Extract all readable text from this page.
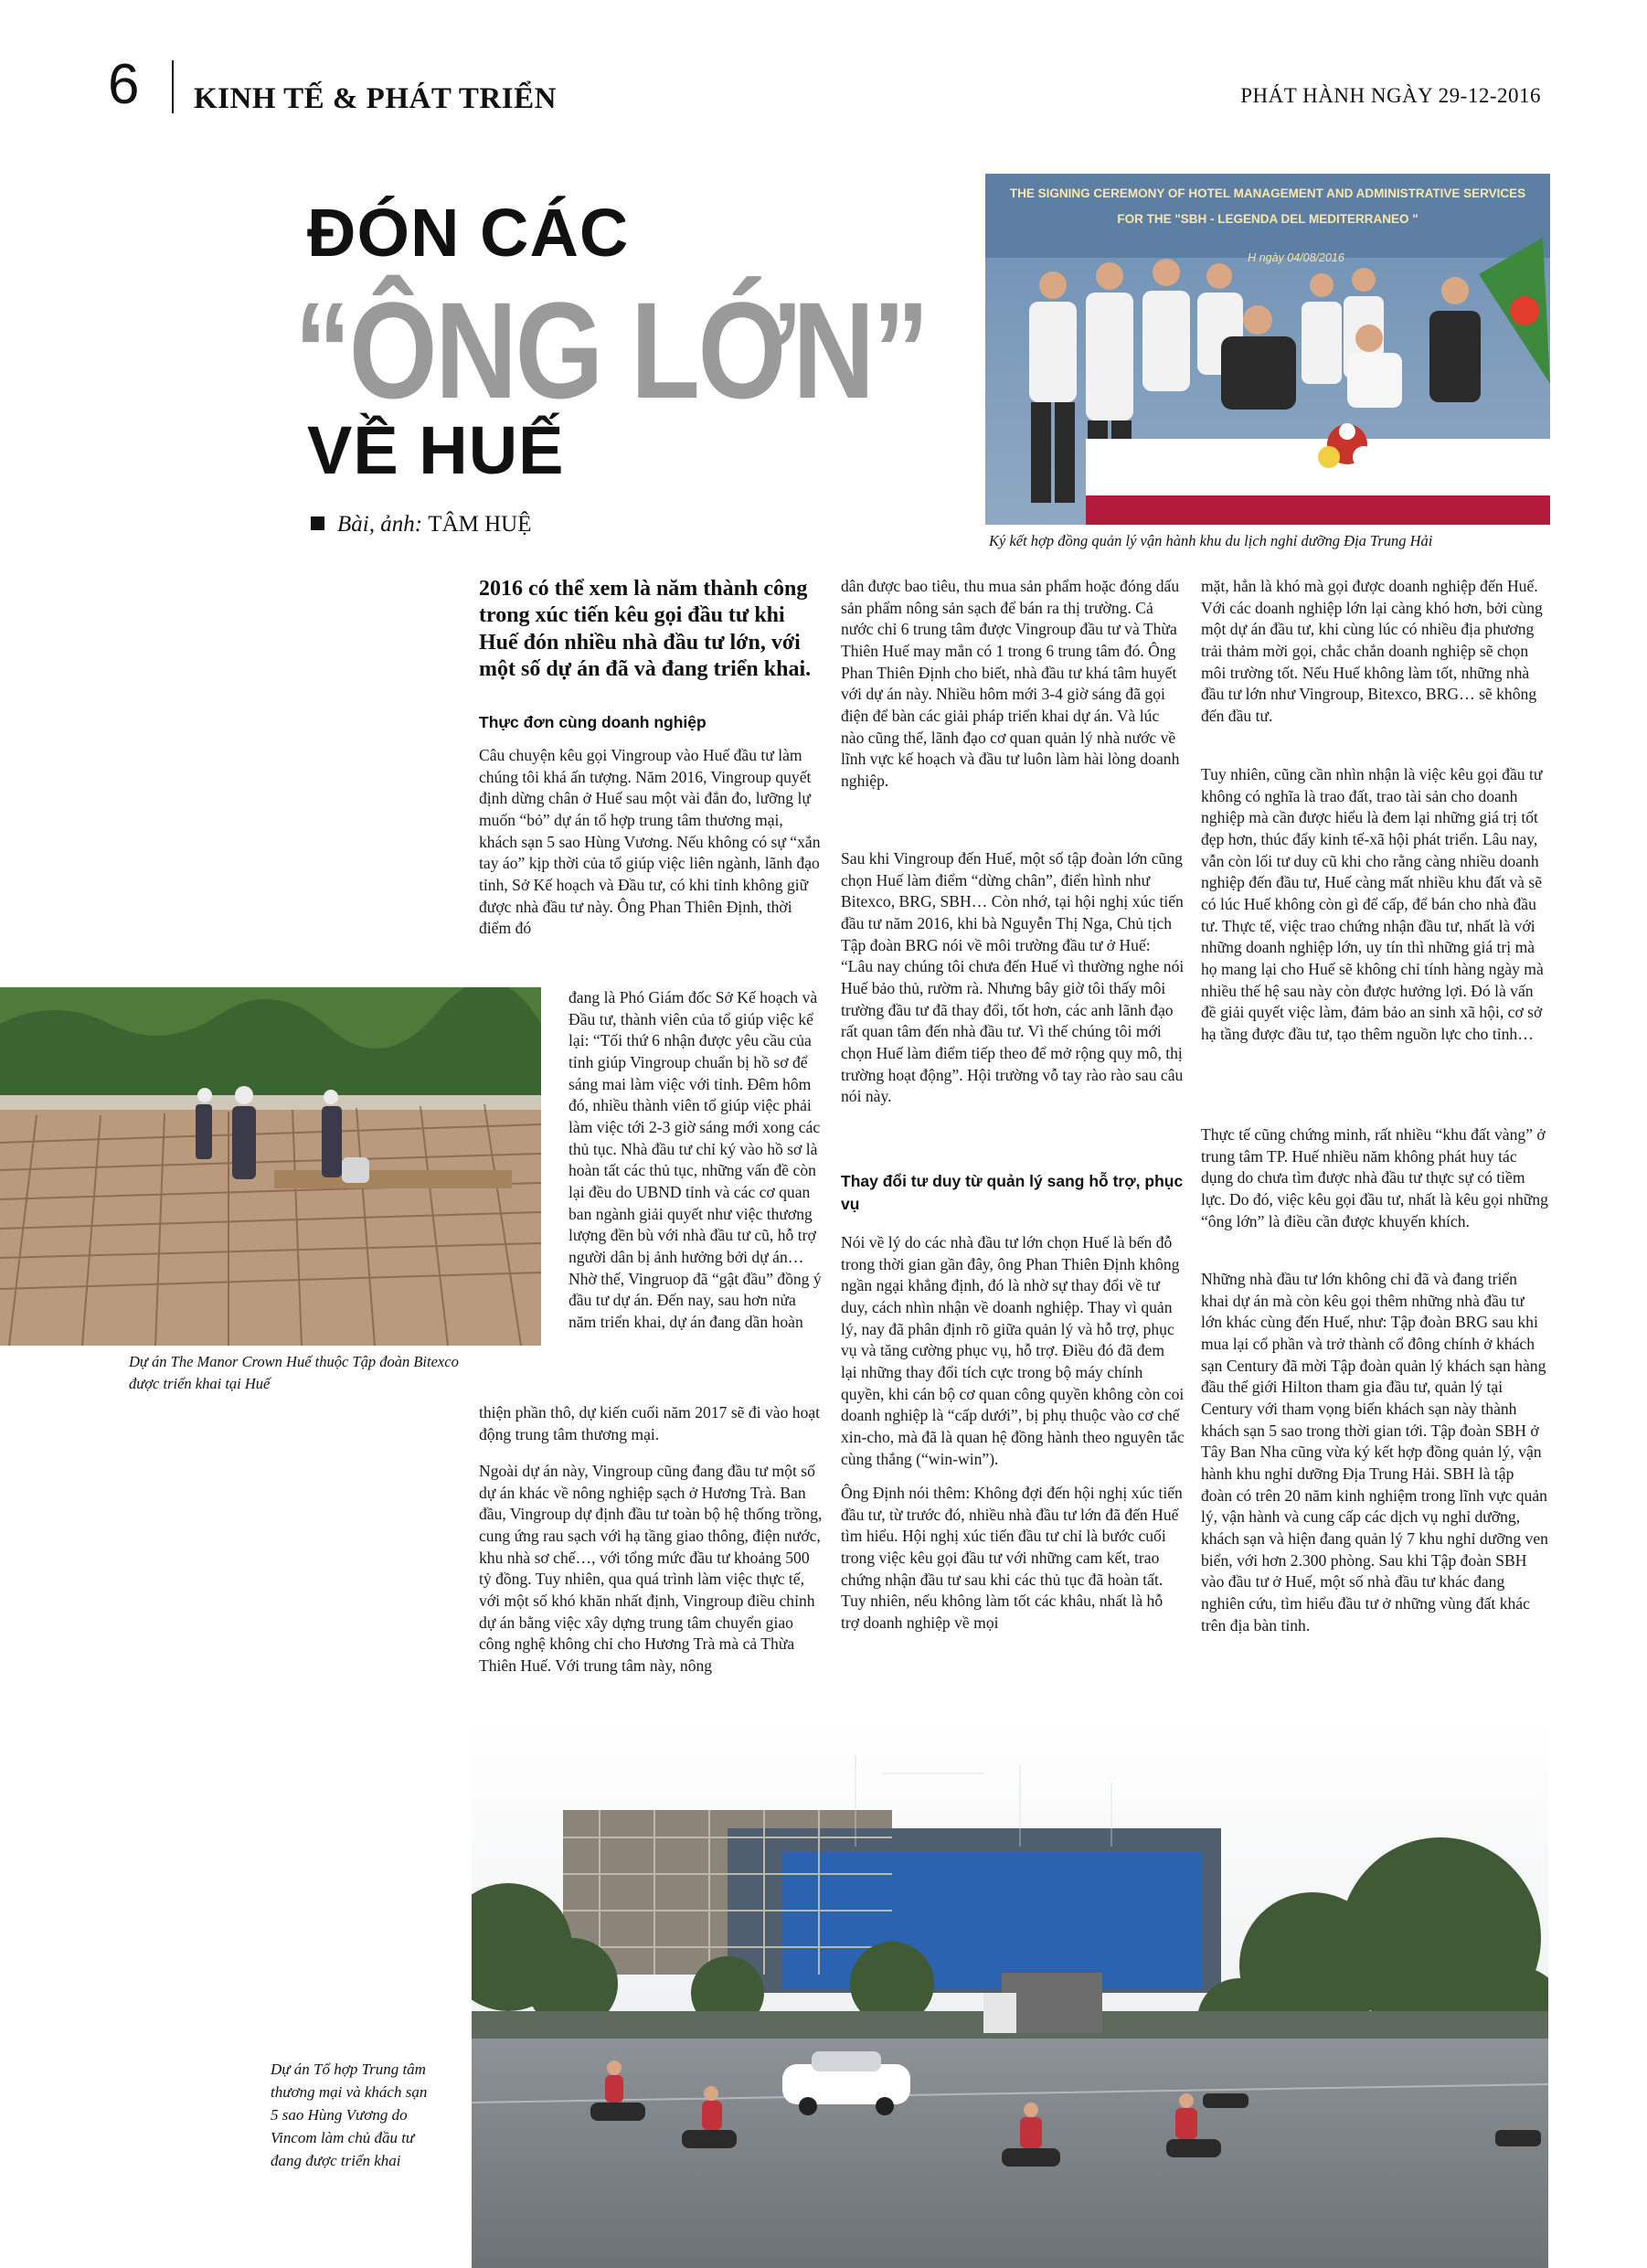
6 KINH TẾ & PHÁT TRIỂN	PHÁT HÀNH NGÀY 29-12-2016
ĐÓN CÁC
“ÔNG LỚN”
VỀ HUẾ
Bài, ảnh: TÂM HUỆ
THE SIGNING CEREMONY OF HOTEL MANAGEMENT AND ADMINISTRATIVE SERVICES
FOR THE "SBH - LEGENDA DEL MEDITERRANEO "
H ngày 04/08/2016
Ký kết hợp đồng quản lý vận hành khu du lịch nghỉ dưỡng Địa Trung Hải
2016 có thể xem là năm thành công trong xúc tiến kêu gọi đầu tư khi Huế đón nhiều nhà đầu tư lớn, với một số dự án đã và đang triển khai.
Thực đơn cùng doanh nghiệp
Câu chuyện kêu gọi Vingroup vào Huế đầu tư làm chúng tôi khá ấn tượng. Năm 2016, Vingroup quyết định dừng chân ở Huế sau một vài đắn đo, lưỡng lự muốn “bỏ” dự án tổ hợp trung tâm thương mại, khách sạn 5 sao Hùng Vương. Nếu không có sự “xắn tay áo” kịp thời của tổ giúp việc liên ngành, lãnh đạo tỉnh, Sở Kế hoạch và Đầu tư, có khi tỉnh không giữ được nhà đầu tư này. Ông Phan Thiên Định, thời điểm đó
Dự án The Manor Crown Huế thuộc Tập đoàn Bitexco
được triển khai tại Huế
đang là Phó Giám đốc Sở Kế hoạch và Đầu tư, thành viên của tổ giúp việc kể lại: “Tối thứ 6 nhận được yêu cầu của tỉnh giúp Vingroup chuẩn bị hồ sơ để sáng mai làm việc với tỉnh. Đêm hôm đó, nhiều thành viên tổ giúp việc phải làm việc tới 2-3 giờ sáng mới xong các thủ tục. Nhà đầu tư chỉ ký vào hồ sơ là hoàn tất các thủ tục, những vấn đề còn lại đều do UBND tỉnh và các cơ quan ban ngành giải quyết như việc thương lượng đền bù với nhà đầu tư cũ, hỗ trợ người dân bị ảnh hưởng bởi dự án… Nhờ thế, Vingruop đã “gật đầu” đồng ý đầu tư dự án. Đến nay, sau hơn nửa năm triển khai, dự án đang dần hoàn
thiện phần thô, dự kiến cuối năm 2017 sẽ đi vào hoạt động trung tâm thương mại.
Ngoài dự án này, Vingroup cũng đang đầu tư một số dự án khác về nông nghiệp sạch ở Hương Trà. Ban đầu, Vingroup dự định đầu tư toàn bộ hệ thống trồng, cung ứng rau sạch với hạ tầng giao thông, điện nước, khu nhà sơ chế…, với tổng mức đầu tư khoảng 500 tỷ đồng. Tuy nhiên, qua quá trình làm việc thực tế, với một số khó khăn nhất định, Vingroup điều chỉnh dự án bằng việc xây dựng trung tâm chuyển giao công nghệ không chỉ cho Hương Trà mà cả Thừa Thiên Huế. Với trung tâm này, nông
dân được bao tiêu, thu mua sản phẩm hoặc đóng dấu sản phẩm nông sản sạch để bán ra thị trường. Cả nước chỉ 6 trung tâm được Vingroup đầu tư và Thừa Thiên Huế may mắn có 1 trong 6 trung tâm đó. Ông Phan Thiên Định cho biết, nhà đầu tư khá tâm huyết với dự án này. Nhiều hôm mới 3-4 giờ sáng đã gọi điện để bàn các giải pháp triển khai dự án. Và lúc nào cũng thế, lãnh đạo cơ quan quản lý nhà nước về lĩnh vực kế hoạch và đầu tư luôn làm hài lòng doanh nghiệp.
Sau khi Vingroup đến Huế, một số tập đoàn lớn cũng chọn Huế làm điểm “dừng chân”, điển hình như Bitexco, BRG, SBH… Còn nhớ, tại hội nghị xúc tiến đầu tư năm 2016, khi bà Nguyễn Thị Nga, Chủ tịch Tập đoàn BRG nói về môi trường đầu tư ở Huế: “Lâu nay chúng tôi chưa đến Huế vì thường nghe nói Huế bảo thủ, rườm rà. Nhưng bây giờ tôi thấy môi trường đầu tư đã thay đổi, tốt hơn, các anh lãnh đạo rất quan tâm đến nhà đầu tư. Vì thế chúng tôi mới chọn Huế làm điểm tiếp theo để mở rộng quy mô, thị trường hoạt động”. Hội trường vỗ tay rào rào sau câu nói này.
Thay đổi tư duy từ quản lý sang hỗ trợ, phục vụ
Nói về lý do các nhà đầu tư lớn chọn Huế là bến đỗ trong thời gian gần đây, ông Phan Thiên Định không ngần ngại khẳng định, đó là nhờ sự thay đổi về tư duy, cách nhìn nhận về doanh nghiệp. Thay vì quản lý, nay đã phân định rõ giữa quản lý và hỗ trợ, phục vụ và tăng cường phục vụ, hỗ trợ. Điều đó đã đem lại những thay đổi tích cực trong bộ máy chính quyền, khi cán bộ cơ quan công quyền không còn coi doanh nghiệp là “cấp dưới”, bị phụ thuộc vào cơ chế xin-cho, mà đã là quan hệ đồng hành theo nguyên tắc cùng thắng (“win-win”).
Ông Định nói thêm: Không đợi đến hội nghị xúc tiến đầu tư, từ trước đó, nhiều nhà đầu tư lớn đã đến Huế tìm hiểu. Hội nghị xúc tiến đầu tư chỉ là bước cuối trong việc kêu gọi đầu tư với những cam kết, trao chứng nhận đầu tư sau khi các thủ tục đã hoàn tất. Tuy nhiên, nếu không làm tốt các khâu, nhất là hỗ trợ doanh nghiệp về mọi
mặt, hẳn là khó mà gọi được doanh nghiệp đến Huế. Với các doanh nghiệp lớn lại càng khó hơn, bởi cùng một dự án đầu tư, khi cùng lúc có nhiều địa phương trải thảm mời gọi, chắc chắn doanh nghiệp sẽ chọn môi trường tốt. Nếu Huế không làm tốt, những nhà đầu tư lớn như Vingroup, Bitexco, BRG… sẽ không đến đầu tư.
Tuy nhiên, cũng cần nhìn nhận là việc kêu gọi đầu tư không có nghĩa là trao đất, trao tài sản cho doanh nghiệp mà cần được hiểu là đem lại những giá trị tốt đẹp hơn, thúc đẩy kinh tế-xã hội phát triển. Lâu nay, vẫn còn lối tư duy cũ khi cho rằng càng nhiều doanh nghiệp đến đầu tư, Huế càng mất nhiều khu đất và sẽ có lúc Huế không còn gì để cấp, để bán cho nhà đầu tư. Thực tế, việc trao chứng nhận đầu tư, nhất là với những doanh nghiệp lớn, uy tín thì những giá trị mà họ mang lại cho Huế sẽ không chỉ tính hàng ngày mà nhiều thế hệ sau này còn được hưởng lợi. Đó là vấn đề giải quyết việc làm, đảm bảo an sinh xã hội, cơ sở hạ tầng được đầu tư, tạo thêm nguồn lực cho tỉnh…
Thực tế cũng chứng minh, rất nhiều “khu đất vàng” ở trung tâm TP. Huế nhiều năm không phát huy tác dụng do chưa tìm được nhà đầu tư thực sự có tiềm lực. Do đó, việc kêu gọi đầu tư, nhất là kêu gọi những “ông lớn” là điều cần được khuyến khích.
Những nhà đầu tư lớn không chỉ đã và đang triển khai dự án mà còn kêu gọi thêm những nhà đầu tư lớn khác cùng đến Huế, như: Tập đoàn BRG sau khi mua lại cổ phần và trở thành cổ đông chính ở khách sạn Century đã mời Tập đoàn quản lý khách sạn hàng đầu thế giới Hilton tham gia đầu tư, quản lý tại Century với tham vọng biến khách sạn này thành khách sạn 5 sao trong thời gian tới. Tập đoàn SBH ở Tây Ban Nha cũng vừa ký kết hợp đồng quản lý, vận hành khu nghỉ dưỡng Địa Trung Hải. SBH là tập đoàn có trên 20 năm kinh nghiệm trong lĩnh vực quản lý, vận hành và cung cấp các dịch vụ nghỉ dưỡng, khách sạn và hiện đang quản lý 7 khu nghỉ dưỡng ven biển, với hơn 2.300 phòng. Sau khi Tập đoàn SBH vào đầu tư ở Huế, một số nhà đầu tư khác đang nghiên cứu, tìm hiểu đầu tư ở những vùng đất khác trên địa bàn tỉnh.
Dự án Tổ hợp Trung tâm
thương mại và khách sạn
5 sao Hùng Vương do
Vincom làm chủ đầu tư
đang được triển khai
